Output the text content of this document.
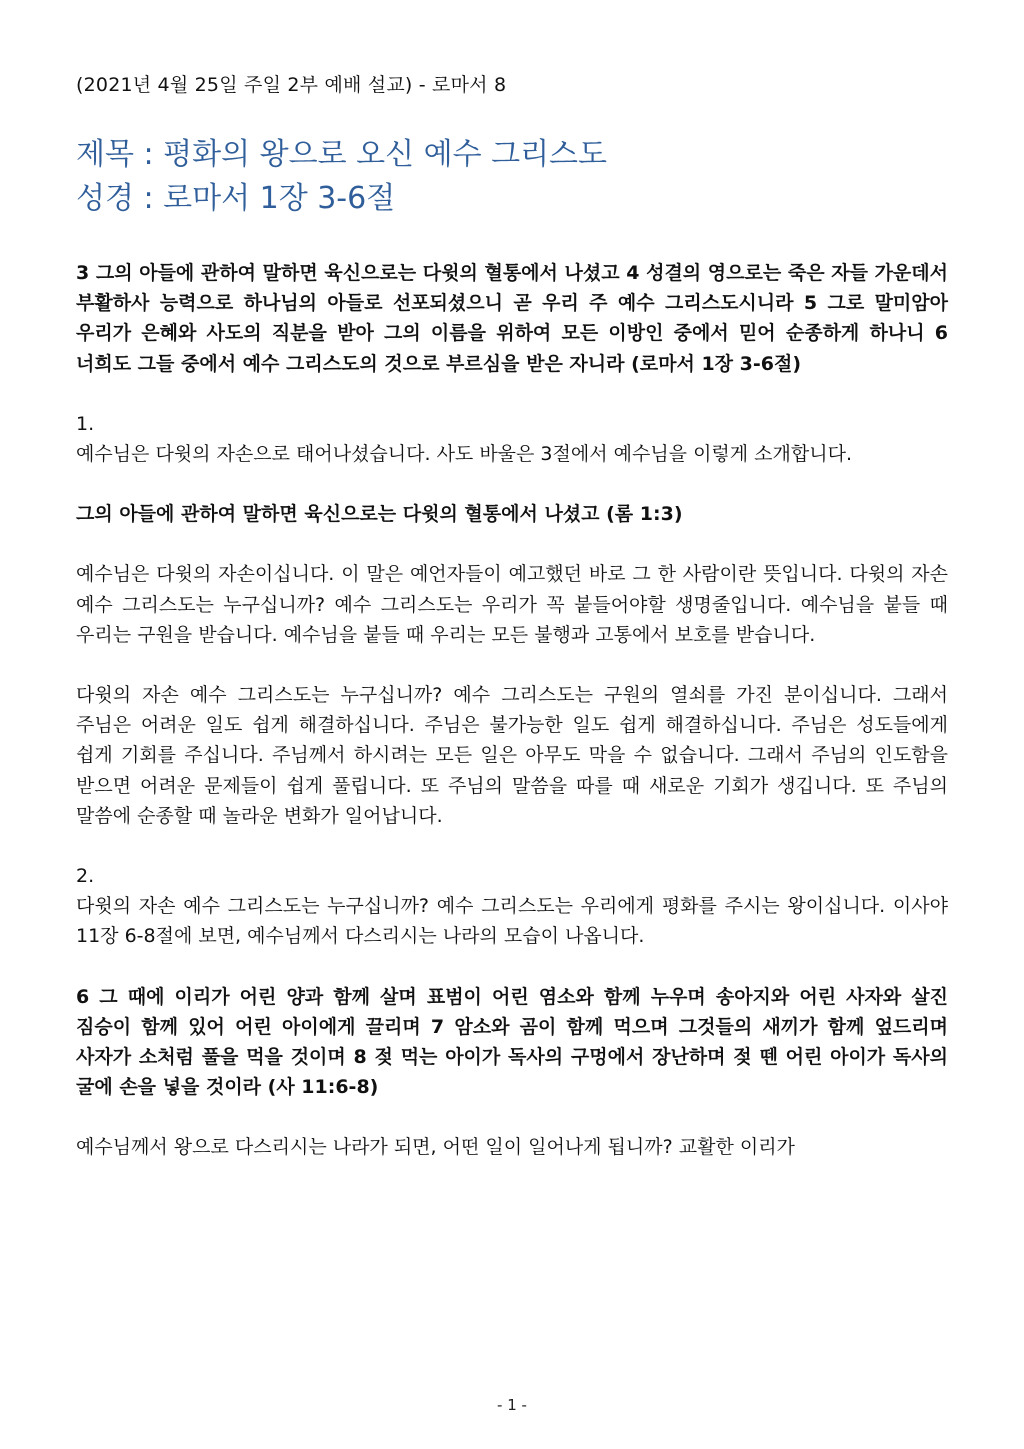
(2021년 4월 25일 주일 2부 예배 설교) - 로마서 8
제목 : 평화의 왕으로 오신 예수 그리스도
성경 : 로마서 1장 3-6절

3 그의 아들에 관하여 말하면 육신으로는 다윗의 혈통에서 나셨고 4 성결의 영으로는 죽은 자들 가운데서 부활하사 능력으로 하나님의 아들로 선포되셨으니 곧 우리 주 예수 그리스도시니라 5 그로 말미암아 우리가 은혜와 사도의 직분을 받아 그의 이름을 위하여 모든 이방인 중에서 믿어 순종하게 하나니 6 너희도 그들 중에서 예수 그리스도의 것으로 부르심을 받은 자니라 (로마서 1장 3-6절)

1.

예수님은 다윗의 자손으로 태어나셨습니다. 사도 바울은 3절에서 예수님을 이렇게 소개합니다.

그의 아들에 관하여 말하면 육신으로는 다윗의 혈통에서 나셨고 (롬 1:3)

예수님은 다윗의 자손이십니다. 이 말은 예언자들이 예고했던 바로 그 한 사람이란 뜻입니다. 다윗의 자손 예수 그리스도는 누구십니까? 예수 그리스도는 우리가 꼭 붙들어야할 생명줄입니다. 예수님을 붙들 때 우리는 구원을 받습니다. 예수님을 붙들 때 우리는 모든 불행과 고통에서 보호를 받습니다.

다윗의 자손 예수 그리스도는 누구십니까? 예수 그리스도는 구원의 열쇠를 가진 분이십니다. 그래서 주님은 어려운 일도 쉽게 해결하십니다. 주님은 불가능한 일도 쉽게 해결하십니다. 주님은 성도들에게 쉽게 기회를 주십니다. 주님께서 하시려는 모든 일은 아무도 막을 수 없습니다. 그래서 주님의 인도함을 받으면 어려운 문제들이 쉽게 풀립니다. 또 주님의 말씀을 따를 때 새로운 기회가 생깁니다. 또 주님의 말씀에 순종할 때 놀라운 변화가 일어납니다.

2.

다윗의 자손 예수 그리스도는 누구십니까? 예수 그리스도는 우리에게 평화를 주시는 왕이십니다. 이사야 11장 6-8절에 보면, 예수님께서 다스리시는 나라의 모습이 나옵니다.

6 그 때에 이리가 어린 양과 함께 살며 표범이 어린 염소와 함께 누우며 송아지와 어린 사자와 살진 짐승이 함께 있어 어린 아이에게 끌리며 7 암소와 곰이 함께 먹으며 그것들의 새끼가 함께 엎드리며 사자가 소처럼 풀을 먹을 것이며 8 젖 먹는 아이가 독사의 구멍에서 장난하며 젖 뗀 어린 아이가 독사의 굴에 손을 넣을 것이라 (사 11:6-8)

예수님께서 왕으로 다스리시는 나라가 되면, 어떤 일이 일어나게 됩니까? 교활한 이리가

- 1 -
